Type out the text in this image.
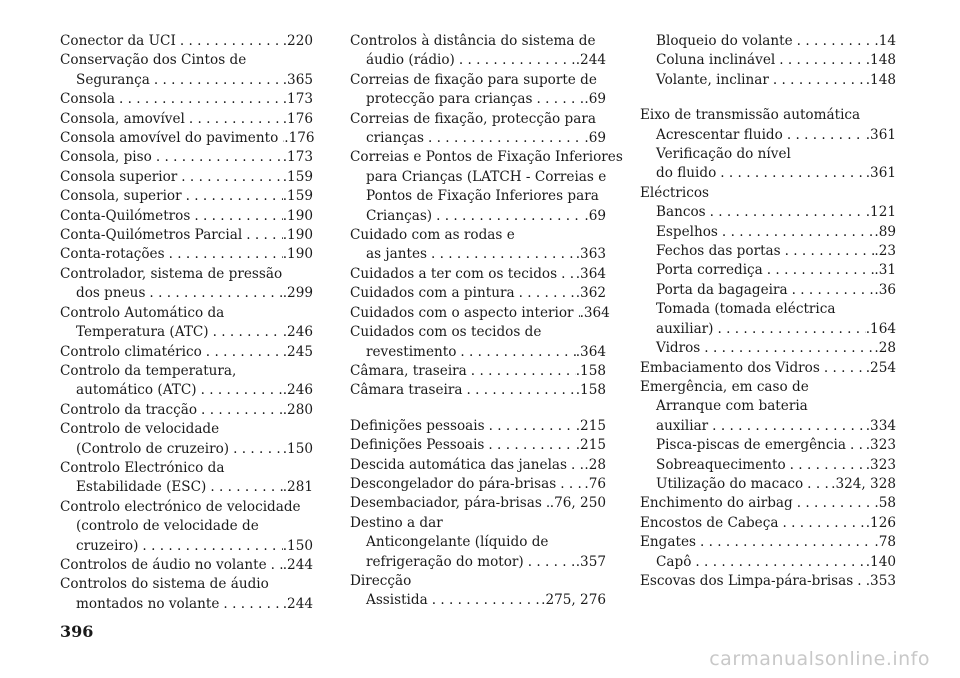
Conector da UCI . . .	.220
Conservação dos Cintos de
Segurança . . .	.365
Consola . . .	.173
Consola, amovível . . .	.176
Consola amovível do pavimento . . . .176
Consola, piso . . .	.173
Consola superior . . .	.159
Consola, superior . . .	.159
Conta-Quilómetros . . .	.190
Conta-Quilómetros Parcial . . .	.190
Conta-rotações . . .	.190
Controlador, sistema de pressão
dos pneus . . .	.299
Controlo Automático da
Temperatura (ATC) . . .	.246
Controlo climatérico . . .	.245
Controlo da temperatura,
automático (ATC) . . .	.246
Controlo da tracção . . .	.280
Controlo de velocidade
(Controlo de cruzeiro) . . .	.150
Controlo Electrónico da
Estabilidade (ESC) . . .	.281
Controlo electrónico de velocidade
(controlo de velocidade de
cruzeiro) . . .	.150
Controlos de áudio no volante . . . .244
Controlos do sistema de áudio
montados no volante . . .	.244
Controlos à distância do sistema de
áudio (rádio) . . .	.244
Correias de fixação para suporte de
protecção para crianças . . .	.69
Correias de fixação, protecção para
crianças . . .	.69
Correias e Pontos de Fixação Inferiores
para Crianças (LATCH - Correias e
Pontos de Fixação Inferiores para
Crianças) . . .	.69
Cuidado com as rodas e
as jantes . . .	.363
Cuidados a ter com os tecidos . . . .364
Cuidados com a pintura . . .	.362
Cuidados com o aspecto interior . . . .364
Cuidados com os tecidos de
revestimento . . .	.364
Câmara, traseira . . .	.158
Câmara traseira . . .	.158
Definições pessoais . . .	.215
Definições Pessoais . . .	.215
Descida automática das janelas . . . .28
Descongelador do pára-brisas . . . .76
Desembaciador, pára-brisas . . . .76, 250
Destino a dar
Anticongelante (líquido de
refrigeração do motor) . . .	.357
Direcção
Assistida . . .	.275, 276
Bloqueio do volante . . .	.14
Coluna inclinável . . .	.148
Volante, inclinar . . .	.148
Eixo de transmissão automática
Acrescentar fluido . . .	.361
Verificação do nível
do fluido . . .	.361
Eléctricos
Bancos . . .	.121
Espelhos . . .	.89
Fechos das portas . . .	.23
Porta corrediça . . .	.31
Porta da bagageira . . .	.36
Tomada (tomada eléctrica
auxiliar) . . .	.164
Vidros . . .	.28
Embaciamento dos Vidros . . .	.254
Emergência, em caso de
Arranque com bateria
auxiliar . . .	.334
Pisca-piscas de emergência . . . .323
Sobreaquecimento . . .	.323
Utilização do macaco . . . .324, 328
Enchimento do airbag . . .	.58
Encostos de Cabeça . . .	.126
Engates . . .	.78
Capô . . .	.140
Escovas dos Limpa-pára-brisas . . . .353
396
carmanualsonline.info
